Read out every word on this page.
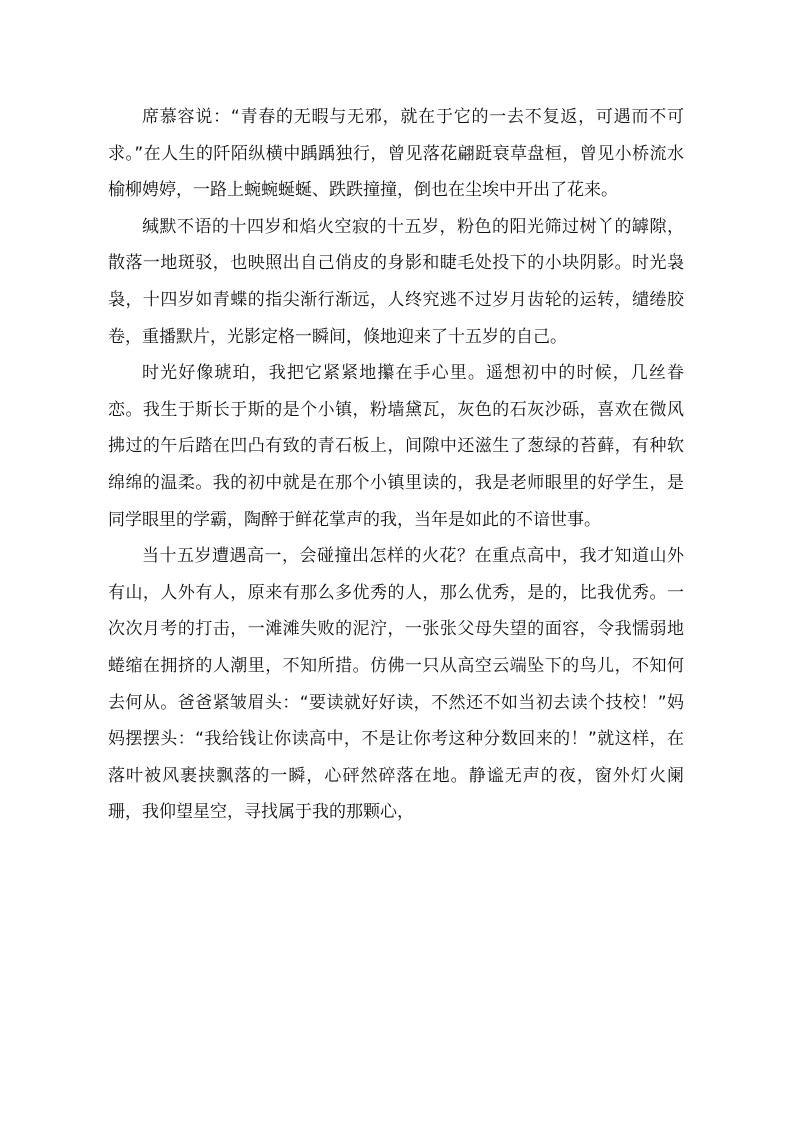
席慕容说：“青春的无暇与无邪，就在于它的一去不复返，可遇而不可求。”在人生的阡陌纵横中踽踽独行，曾见落花翩跹衰草盘桓，曾见小桥流水榆柳娉婷，一路上蜿蜿蜒蜒、跌跌撞撞，倒也在尘埃中开出了花来。

缄默不语的十四岁和焰火空寂的十五岁，粉色的阳光筛过树丫的罅隙，散落一地斑驳，也映照出自己俏皮的身影和睫毛处投下的小块阴影。时光袅袅，十四岁如青蝶的指尖渐行渐远，人终究逃不过岁月齿轮的运转，缱绻胶卷，重播默片，光影定格一瞬间，倏地迎来了十五岁的自己。

时光好像琥珀，我把它紧紧地攥在手心里。遥想初中的时候，几丝眷恋。我生于斯长于斯的是个小镇，粉墙黛瓦，灰色的石灰沙砾，喜欢在微风拂过的午后踏在凹凸有致的青石板上，间隙中还滋生了葱绿的苔藓，有种软绵绵的温柔。我的初中就是在那个小镇里读的，我是老师眼里的好学生，是同学眼里的学霸，陶醉于鲜花掌声的我，当年是如此的不谙世事。

当十五岁遭遇高一，会碰撞出怎样的火花？在重点高中，我才知道山外有山，人外有人，原来有那么多优秀的人，那么优秀，是的，比我优秀。一次次月考的打击，一滩滩失败的泥泞，一张张父母失望的面容，令我懦弱地蜷缩在拥挤的人潮里，不知所措。仿佛一只从高空云端坠下的鸟儿，不知何去何从。爸爸紧皱眉头：“要读就好好读，不然还不如当初去读个技校！”妈妈摆摆头：“我给钱让你读高中，不是让你考这种分数回来的！”就这样，在落叶被风裹挟飘落的一瞬，心砰然碎落在地。静谧无声的夜，窗外灯火阑珊，我仰望星空，寻找属于我的那颗心，
